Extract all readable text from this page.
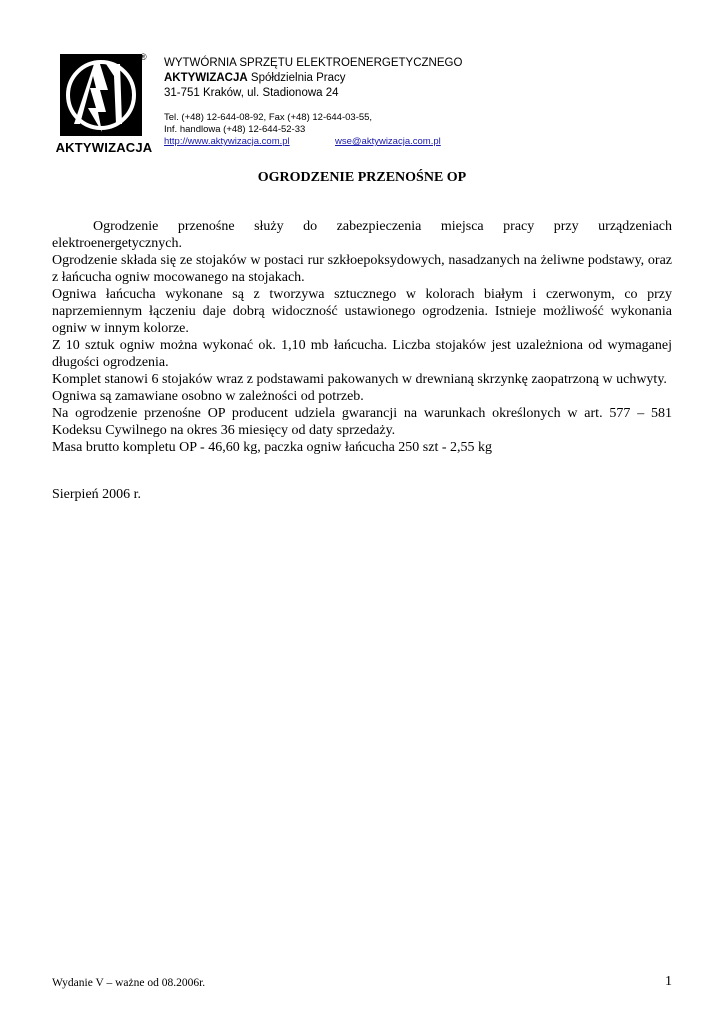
®
AKTYWIZACJA
WYTWÓRNIA SPRZĘTU ELEKTROENERGETYCZNEGO
AKTYWIZACJA Spółdzielnia Pracy
31-751 Kraków, ul. Stadionowa 24
Tel. (+48) 12-644-08-92, Fax (+48) 12-644-03-55,
Inf. handlowa (+48) 12-644-52-33
http://www.aktywizacja.com.pl	wse@aktywizacja.com.pl
OGRODZENIE PRZENOŚNE OP

Ogrodzenie przenośne służy do zabezpieczenia miejsca pracy przy urządzeniach elektroenergetycznych.

Ogrodzenie składa się ze stojaków w postaci rur szkłoepoksydowych, nasadzanych na żeliwne podstawy, oraz z łańcucha ogniw mocowanego na stojakach.

Ogniwa łańcucha wykonane są z tworzywa sztucznego w kolorach białym i czerwonym, co przy naprzemiennym łączeniu daje dobrą widoczność ustawionego ogrodzenia. Istnieje możliwość wykonania ogniw w innym kolorze.

Z 10 sztuk ogniw można wykonać ok. 1,10 mb łańcucha. Liczba stojaków jest uzależniona od wymaganej długości ogrodzenia.

Komplet stanowi 6 stojaków wraz z podstawami pakowanych w drewnianą skrzynkę zaopatrzoną w uchwyty.

Ogniwa są zamawiane osobno w zależności od potrzeb.

Na ogrodzenie przenośne OP producent udziela gwarancji na warunkach określonych w art. 577 – 581 Kodeksu Cywilnego na okres 36 miesięcy od daty sprzedaży.

Masa brutto kompletu OP - 46,60 kg, paczka ogniw łańcucha 250 szt - 2,55 kg

Sierpień 2006 r.
Wydanie V – ważne od 08.2006r.	1
